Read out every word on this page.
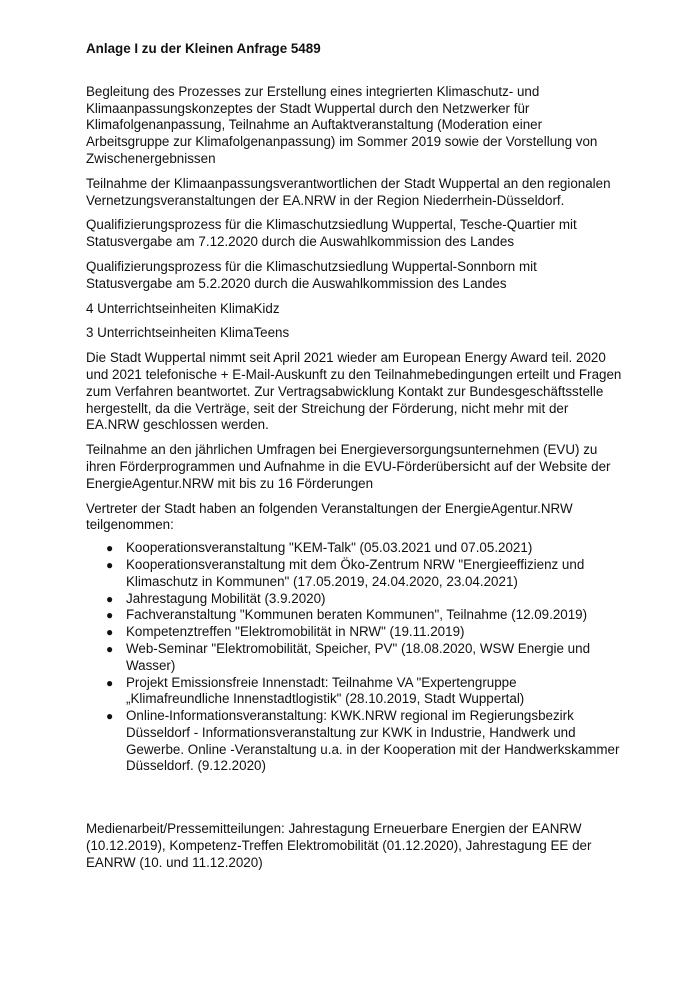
Anlage I zu der Kleinen Anfrage 5489

Begleitung des Prozesses zur Erstellung eines integrierten Klimaschutz- und Klimaanpassungskonzeptes der Stadt Wuppertal durch den Netzwerker für Klimafolgenanpassung, Teilnahme an Auftaktveranstaltung (Moderation einer Arbeitsgruppe zur Klimafolgenanpassung) im Sommer 2019 sowie der Vorstellung von Zwischenergebnissen

Teilnahme der Klimaanpassungsverantwortlichen der Stadt Wuppertal an den regionalen Vernetzungsveranstaltungen der EA.NRW in der Region Niederrhein-Düsseldorf.

Qualifizierungsprozess für die Klimaschutzsiedlung Wuppertal, Tesche-Quartier mit Statusvergabe am 7.12.2020 durch die Auswahlkommission des Landes

Qualifizierungsprozess für die Klimaschutzsiedlung Wuppertal-Sonnborn mit Statusvergabe am 5.2.2020 durch die Auswahlkommission des Landes

4 Unterrichtseinheiten KlimaKidz

3 Unterrichtseinheiten KlimaTeens

Die Stadt Wuppertal nimmt seit April 2021 wieder am European Energy Award teil. 2020 und 2021 telefonische + E-Mail-Auskunft zu den Teilnahmebedingungen erteilt und Fragen zum Verfahren beantwortet. Zur Vertragsabwicklung Kontakt zur Bundesgeschäftsstelle hergestellt, da die Verträge, seit der Streichung der Förderung, nicht mehr mit der EA.NRW geschlossen werden.

Teilnahme an den jährlichen Umfragen bei Energieversorgungsunternehmen (EVU) zu ihren Förderprogrammen und Aufnahme in die EVU-Förderübersicht auf der Website der EnergieAgentur.NRW mit bis zu 16 Förderungen

Vertreter der Stadt haben an folgenden Veranstaltungen der EnergieAgentur.NRW teilgenommen:

● Kooperationsveranstaltung "KEM-Talk" (05.03.2021 und 07.05.2021)
● Kooperationsveranstaltung mit dem Öko-Zentrum NRW "Energieeffizienz und Klimaschutz in Kommunen" (17.05.2019, 24.04.2020, 23.04.2021)
● Jahrestagung Mobilität (3.9.2020)
● Fachveranstaltung "Kommunen beraten Kommunen", Teilnahme (12.09.2019)
● Kompetenztreffen "Elektromobilität in NRW" (19.11.2019)
● Web-Seminar "Elektromobilität, Speicher, PV" (18.08.2020, WSW Energie und Wasser)
● Projekt Emissionsfreie Innenstadt: Teilnahme VA "Expertengruppe „Klimafreundliche Innenstadtlogistik" (28.10.2019, Stadt Wuppertal)
● Online-Informationsveranstaltung: KWK.NRW regional im Regierungsbezirk Düsseldorf - Informationsveranstaltung zur KWK in Industrie, Handwerk und Gewerbe. Online -Veranstaltung u.a. in der Kooperation mit der Handwerkskammer Düsseldorf. (9.12.2020)

Medienarbeit/Pressemitteilungen: Jahrestagung Erneuerbare Energien der EANRW (10.12.2019), Kompetenz-Treffen Elektromobilität (01.12.2020), Jahrestagung EE der EANRW (10. und 11.12.2020)
